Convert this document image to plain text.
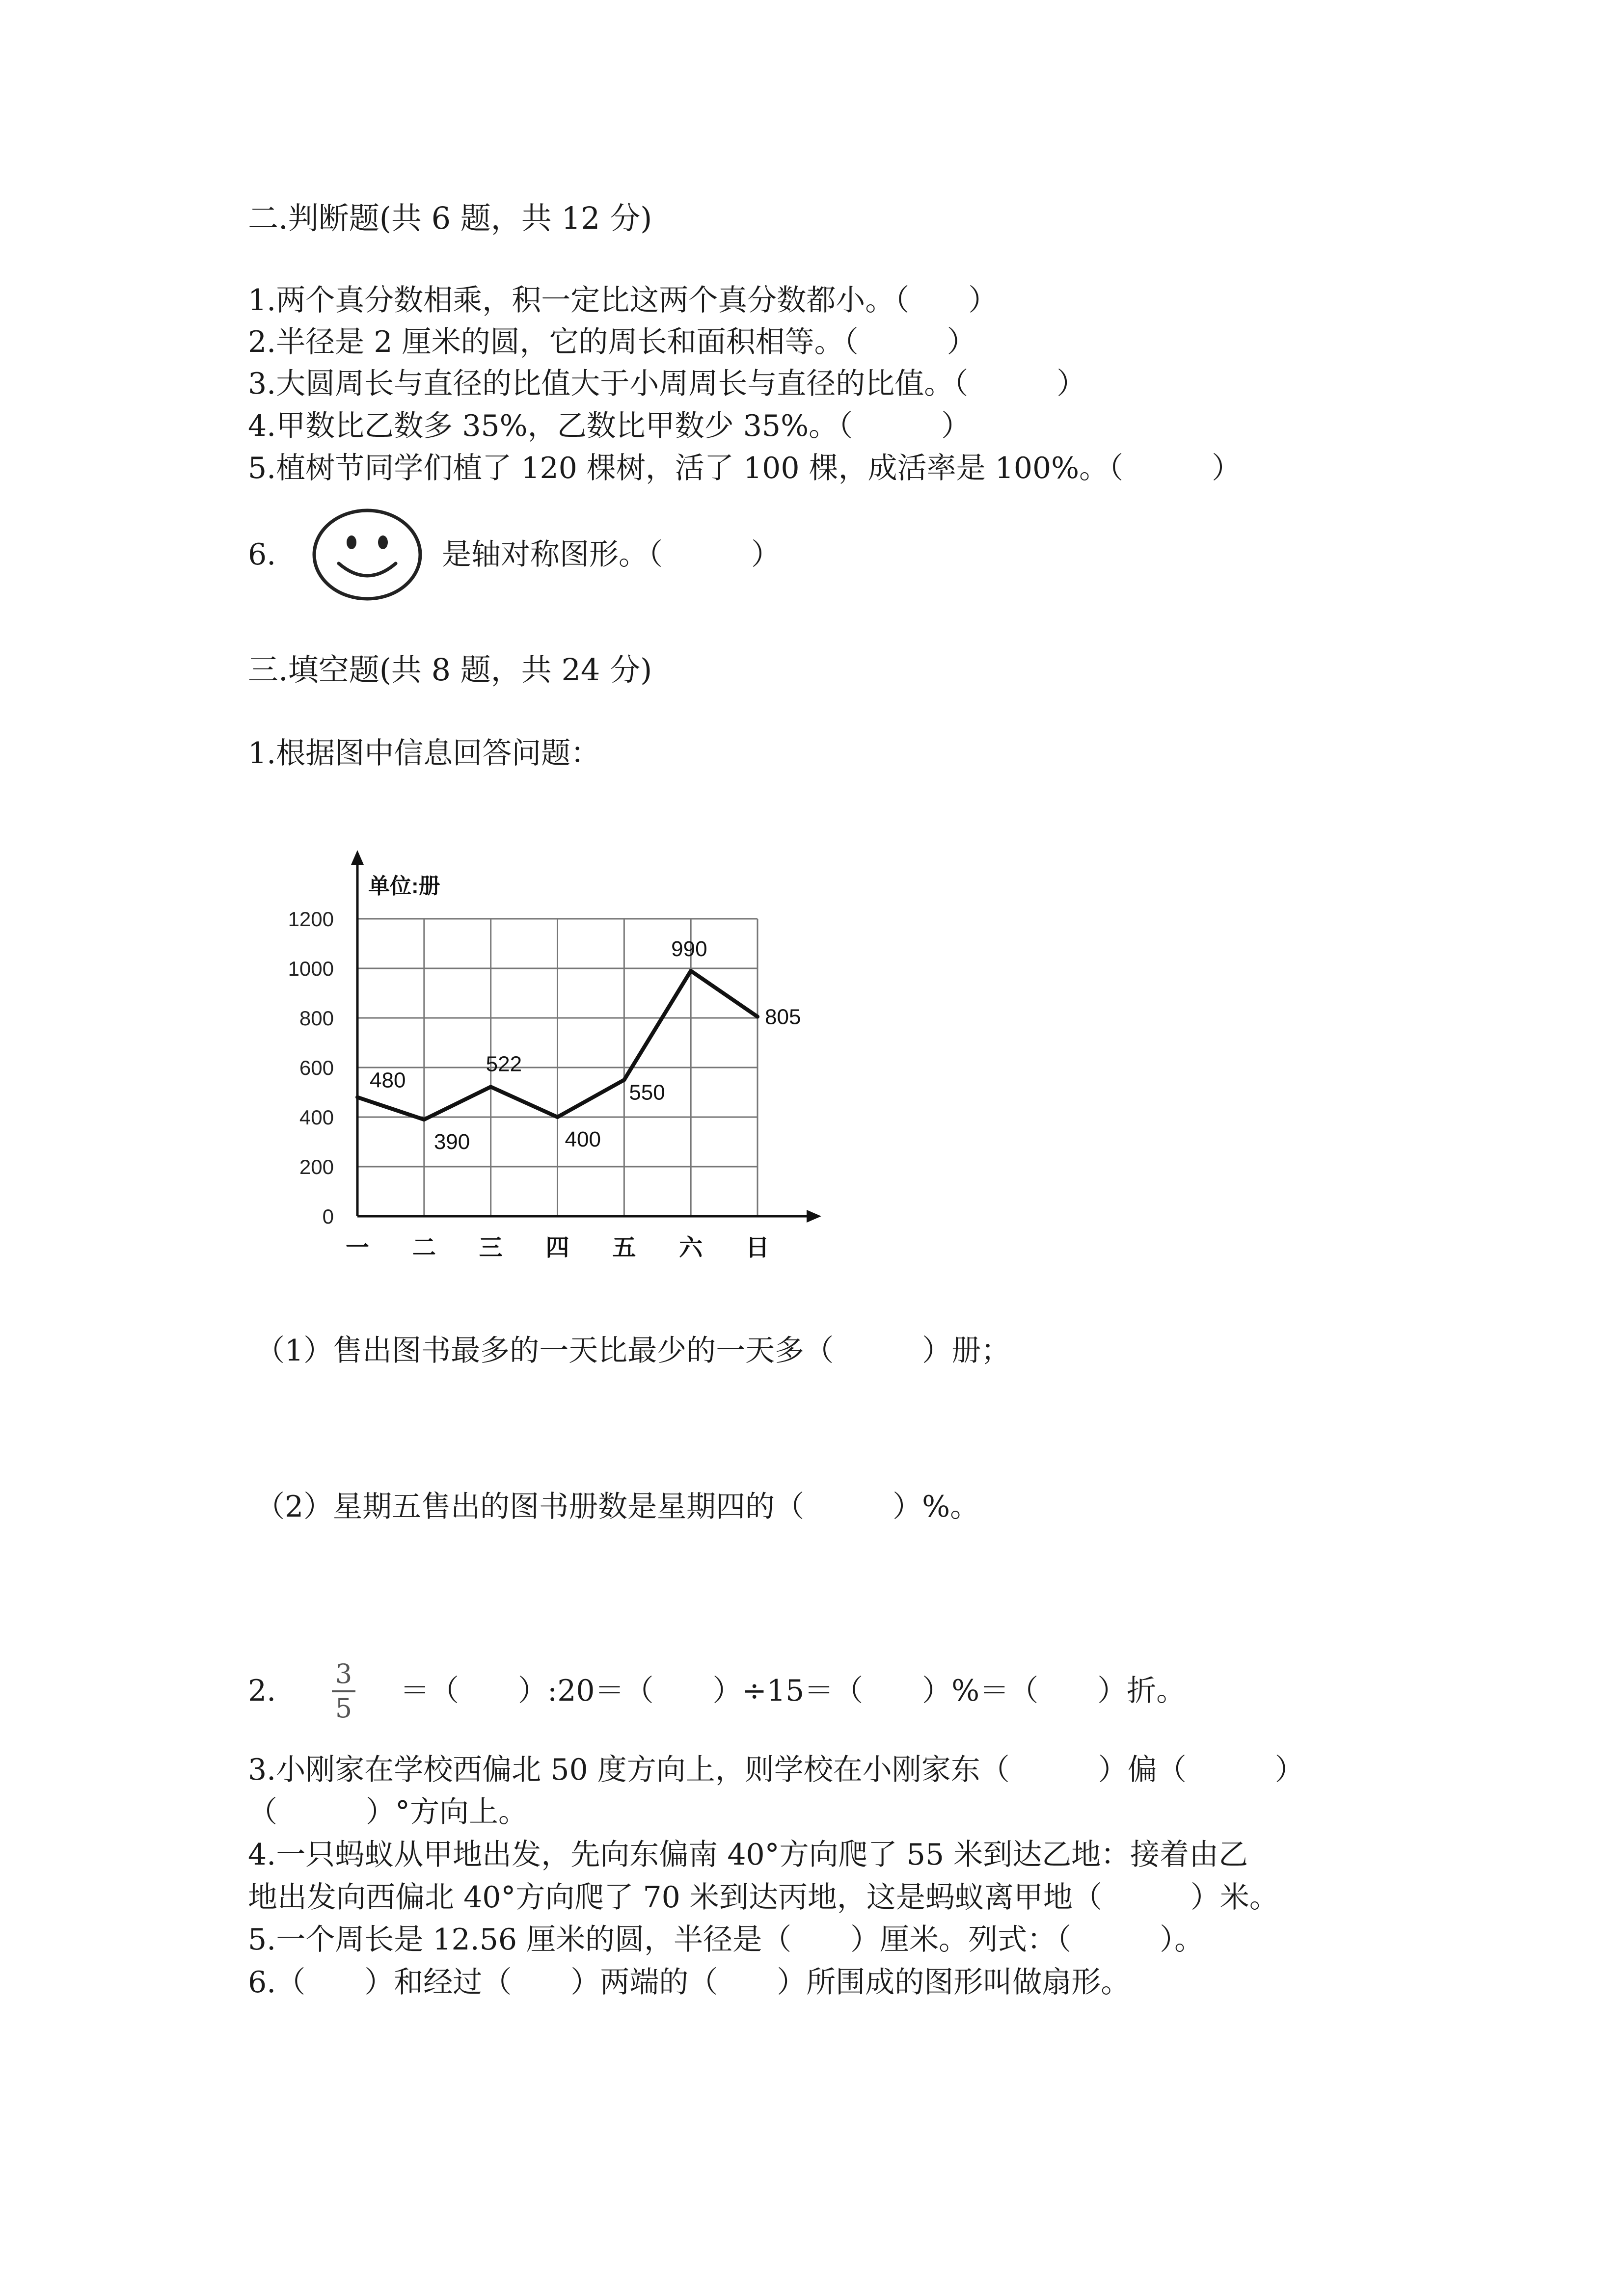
二.判断题(共 6 题，共 12 分)
1.两个真分数相乘，积一定比这两个真分数都小。（　　）
2.半径是 2 厘米的圆，它的周长和面积相等。（　　　）
3.大圆周长与直径的比值大于小周周长与直径的比值。（　　　）
4.甲数比乙数多 35%，乙数比甲数少 35%。（　　　）
5.植树节同学们植了 120 棵树，活了 100 棵，成活率是 100%。（　　　）
6.	是轴对称图形。（　　　）
三.填空题(共 8 题，共 24 分)
1.根据图中信息回答问题：
单位:册
0
200
400
600
800
1000
1200
一 二 三 四 五 六 日
480
390
522
400
550
990
805
（1）售出图书最多的一天比最少的一天多（　　　）册；
（2）星期五售出的图书册数是星期四的（　　　）%。
2. 3
5
＝（　　）:20＝（　　）÷15＝（　　）%＝（　　）折。
3.小刚家在学校西偏北 50 度方向上，则学校在小刚家东（　　　）偏（　　　）
（　　　）°方向上。
4.一只蚂蚁从甲地出发，先向东偏南 40°方向爬了 55 米到达乙地：接着由乙
地出发向西偏北 40°方向爬了 70 米到达丙地，这是蚂蚁离甲地（　　　）米。
5.一个周长是 12.56 厘米的圆，半径是（　　）厘米。列式：（　　　）。
6.（　　）和经过（　　）两端的（　　）所围成的图形叫做扇形。
